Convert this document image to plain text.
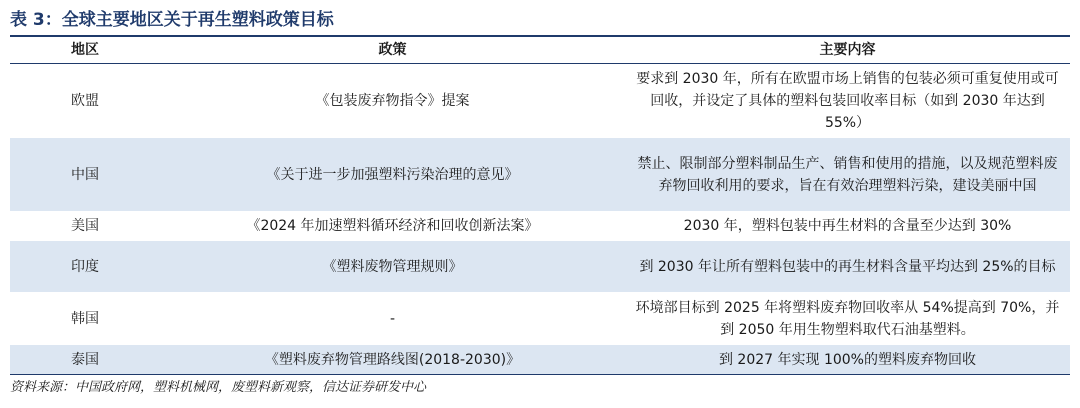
表 3：全球主要地区关于再生塑料政策目标
地区	政策	主要内容
欧盟	《包装废弃物指令》提案	要求到 2030 年，所有在欧盟市场上销售的包装必须可重复使用或可回收，并设定了具体的塑料包装回收率目标（如到 2030 年达到 55%）
中国	《关于进一步加强塑料污染治理的意见》	禁止、限制部分塑料制品生产、销售和使用的措施，以及规范塑料废弃物回收利用的要求，旨在有效治理塑料污染，建设美丽中国
美国	《2024 年加速塑料循环经济和回收创新法案》	2030 年，塑料包装中再生材料的含量至少达到 30%
印度	《塑料废物管理规则》	到 2030 年让所有塑料包装中的再生材料含量平均达到 25%的目标
韩国	-	环境部目标到 2025 年将塑料废弃物回收率从 54%提高到 70%，并到 2050 年用生物塑料取代石油基塑料。
泰国	《塑料废弃物管理路线图(2018-2030)》	到 2027 年实现 100%的塑料废弃物回收
资料来源：中国政府网，塑料机械网，废塑料新观察，信达证券研发中心
